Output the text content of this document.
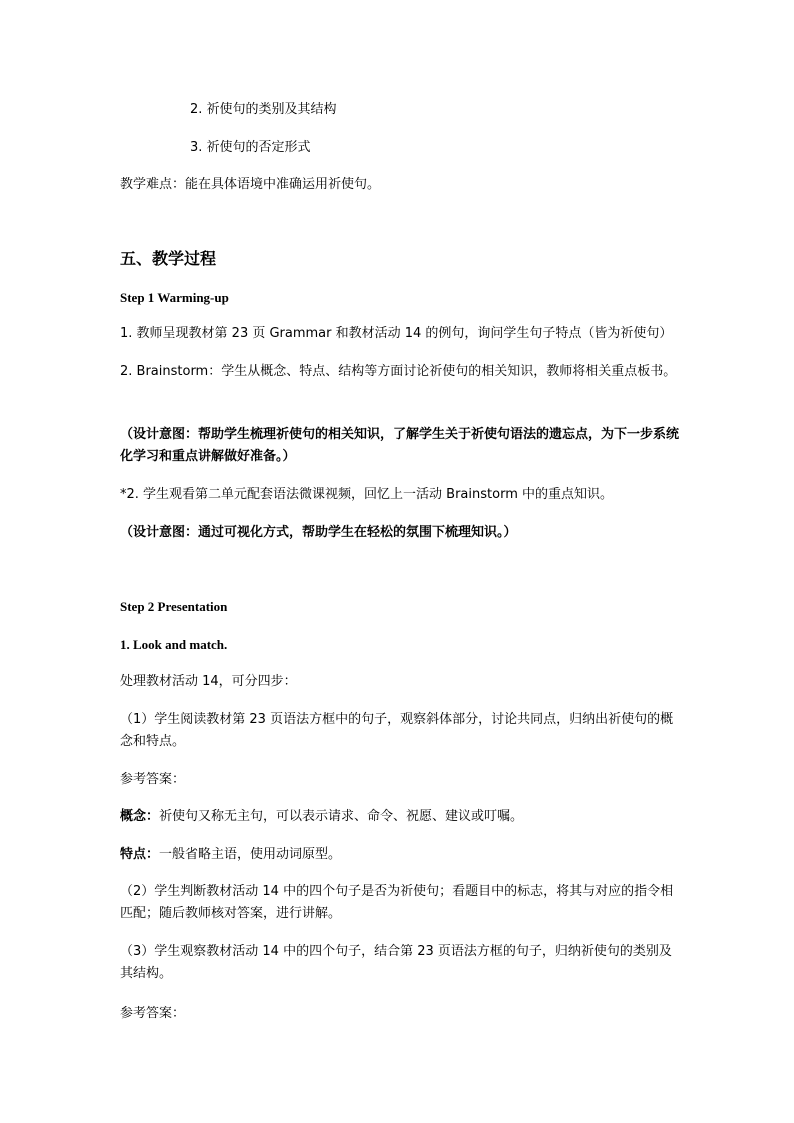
2. 祈使句的类别及其结构
3. 祈使句的否定形式
教学难点：能在具体语境中准确运用祈使句。
五、教学过程
Step 1 Warming-up
1. 教师呈现教材第 23 页 Grammar 和教材活动 14 的例句，询问学生句子特点（皆为祈使句）
2. Brainstorm：学生从概念、特点、结构等方面讨论祈使句的相关知识，教师将相关重点板书。
（设计意图：帮助学生梳理祈使句的相关知识，了解学生关于祈使句语法的遗忘点，为下一步系统化学习和重点讲解做好准备。）
*2. 学生观看第二单元配套语法微课视频，回忆上一活动 Brainstorm 中的重点知识。
（设计意图：通过可视化方式，帮助学生在轻松的氛围下梳理知识。）
Step 2 Presentation
1. Look and match.
处理教材活动 14，可分四步：
（1）学生阅读教材第 23 页语法方框中的句子，观察斜体部分，讨论共同点，归纳出祈使句的概念和特点。
参考答案：
概念：祈使句又称无主句，可以表示请求、命令、祝愿、建议或叮嘱。
特点：一般省略主语，使用动词原型。
（2）学生判断教材活动 14 中的四个句子是否为祈使句；看题目中的标志，将其与对应的指令相匹配；随后教师核对答案，进行讲解。
（3）学生观察教材活动 14 中的四个句子，结合第 23 页语法方框的句子，归纳祈使句的类别及其结构。
参考答案：
